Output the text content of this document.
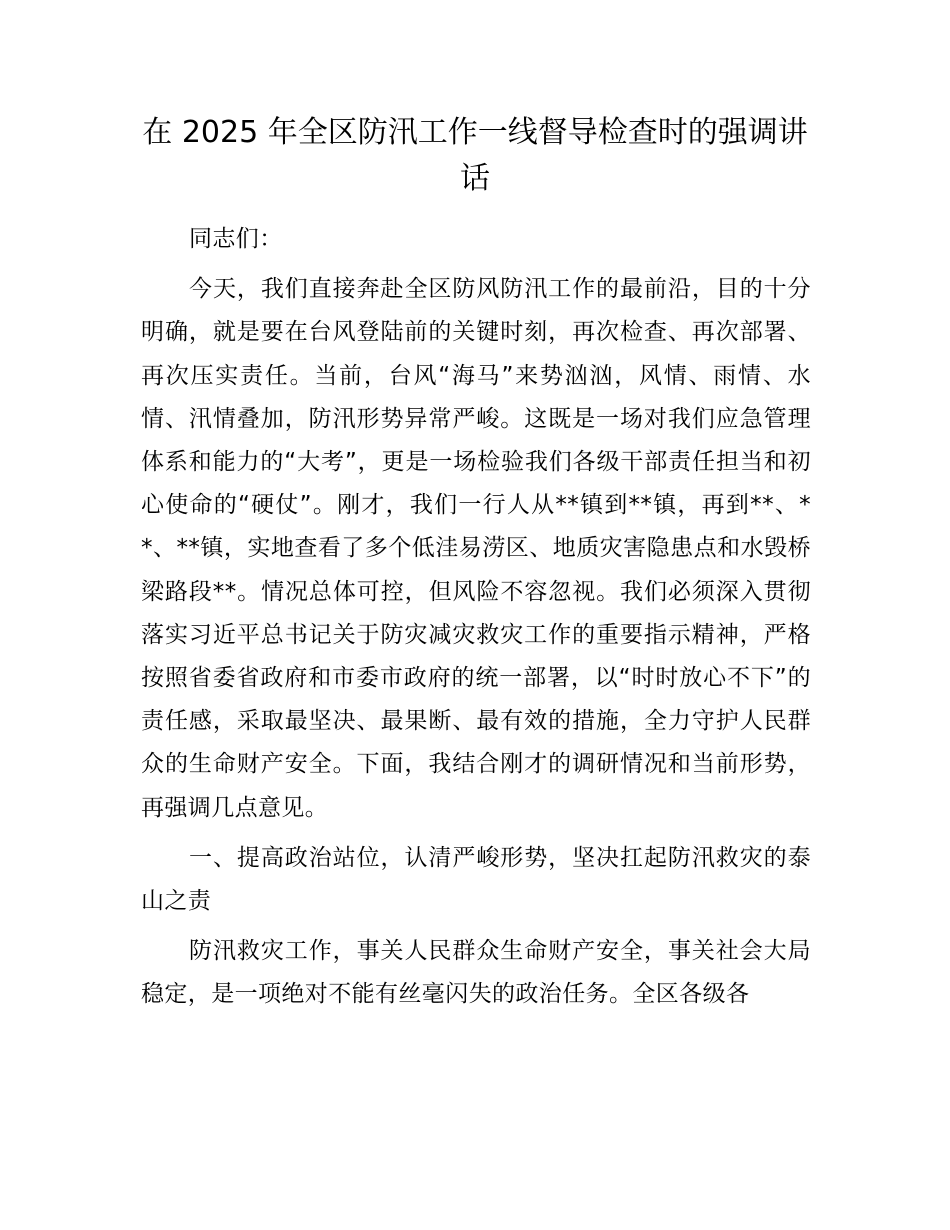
在 2025 年全区防汛工作一线督导检查时的强调讲话

同志们：

今天，我们直接奔赴全区防风防汛工作的最前沿，目的十分明确，就是要在台风登陆前的关键时刻，再次检查、再次部署、再次压实责任。当前，台风“海马”来势汹汹，风情、雨情、水情、汛情叠加，防汛形势异常严峻。这既是一场对我们应急管理体系和能力的“大考”，更是一场检验我们各级干部责任担当和初心使命的“硬仗”。刚才，我们一行人从**镇到**镇，再到**、**、**镇，实地查看了多个低洼易涝区、地质灾害隐患点和水毁桥梁路段**。情况总体可控，但风险不容忽视。我们必须深入贯彻落实习近平总书记关于防灾减灾救灾工作的重要指示精神，严格按照省委省政府和市委市政府的统一部署，以“时时放心不下”的责任感，采取最坚决、最果断、最有效的措施，全力守护人民群众的生命财产安全。下面，我结合刚才的调研情况和当前形势，再强调几点意见。

一、提高政治站位，认清严峻形势，坚决扛起防汛救灾的泰山之责

防汛救灾工作，事关人民群众生命财产安全，事关社会大局稳定，是一项绝对不能有丝毫闪失的政治任务。全区各级各
